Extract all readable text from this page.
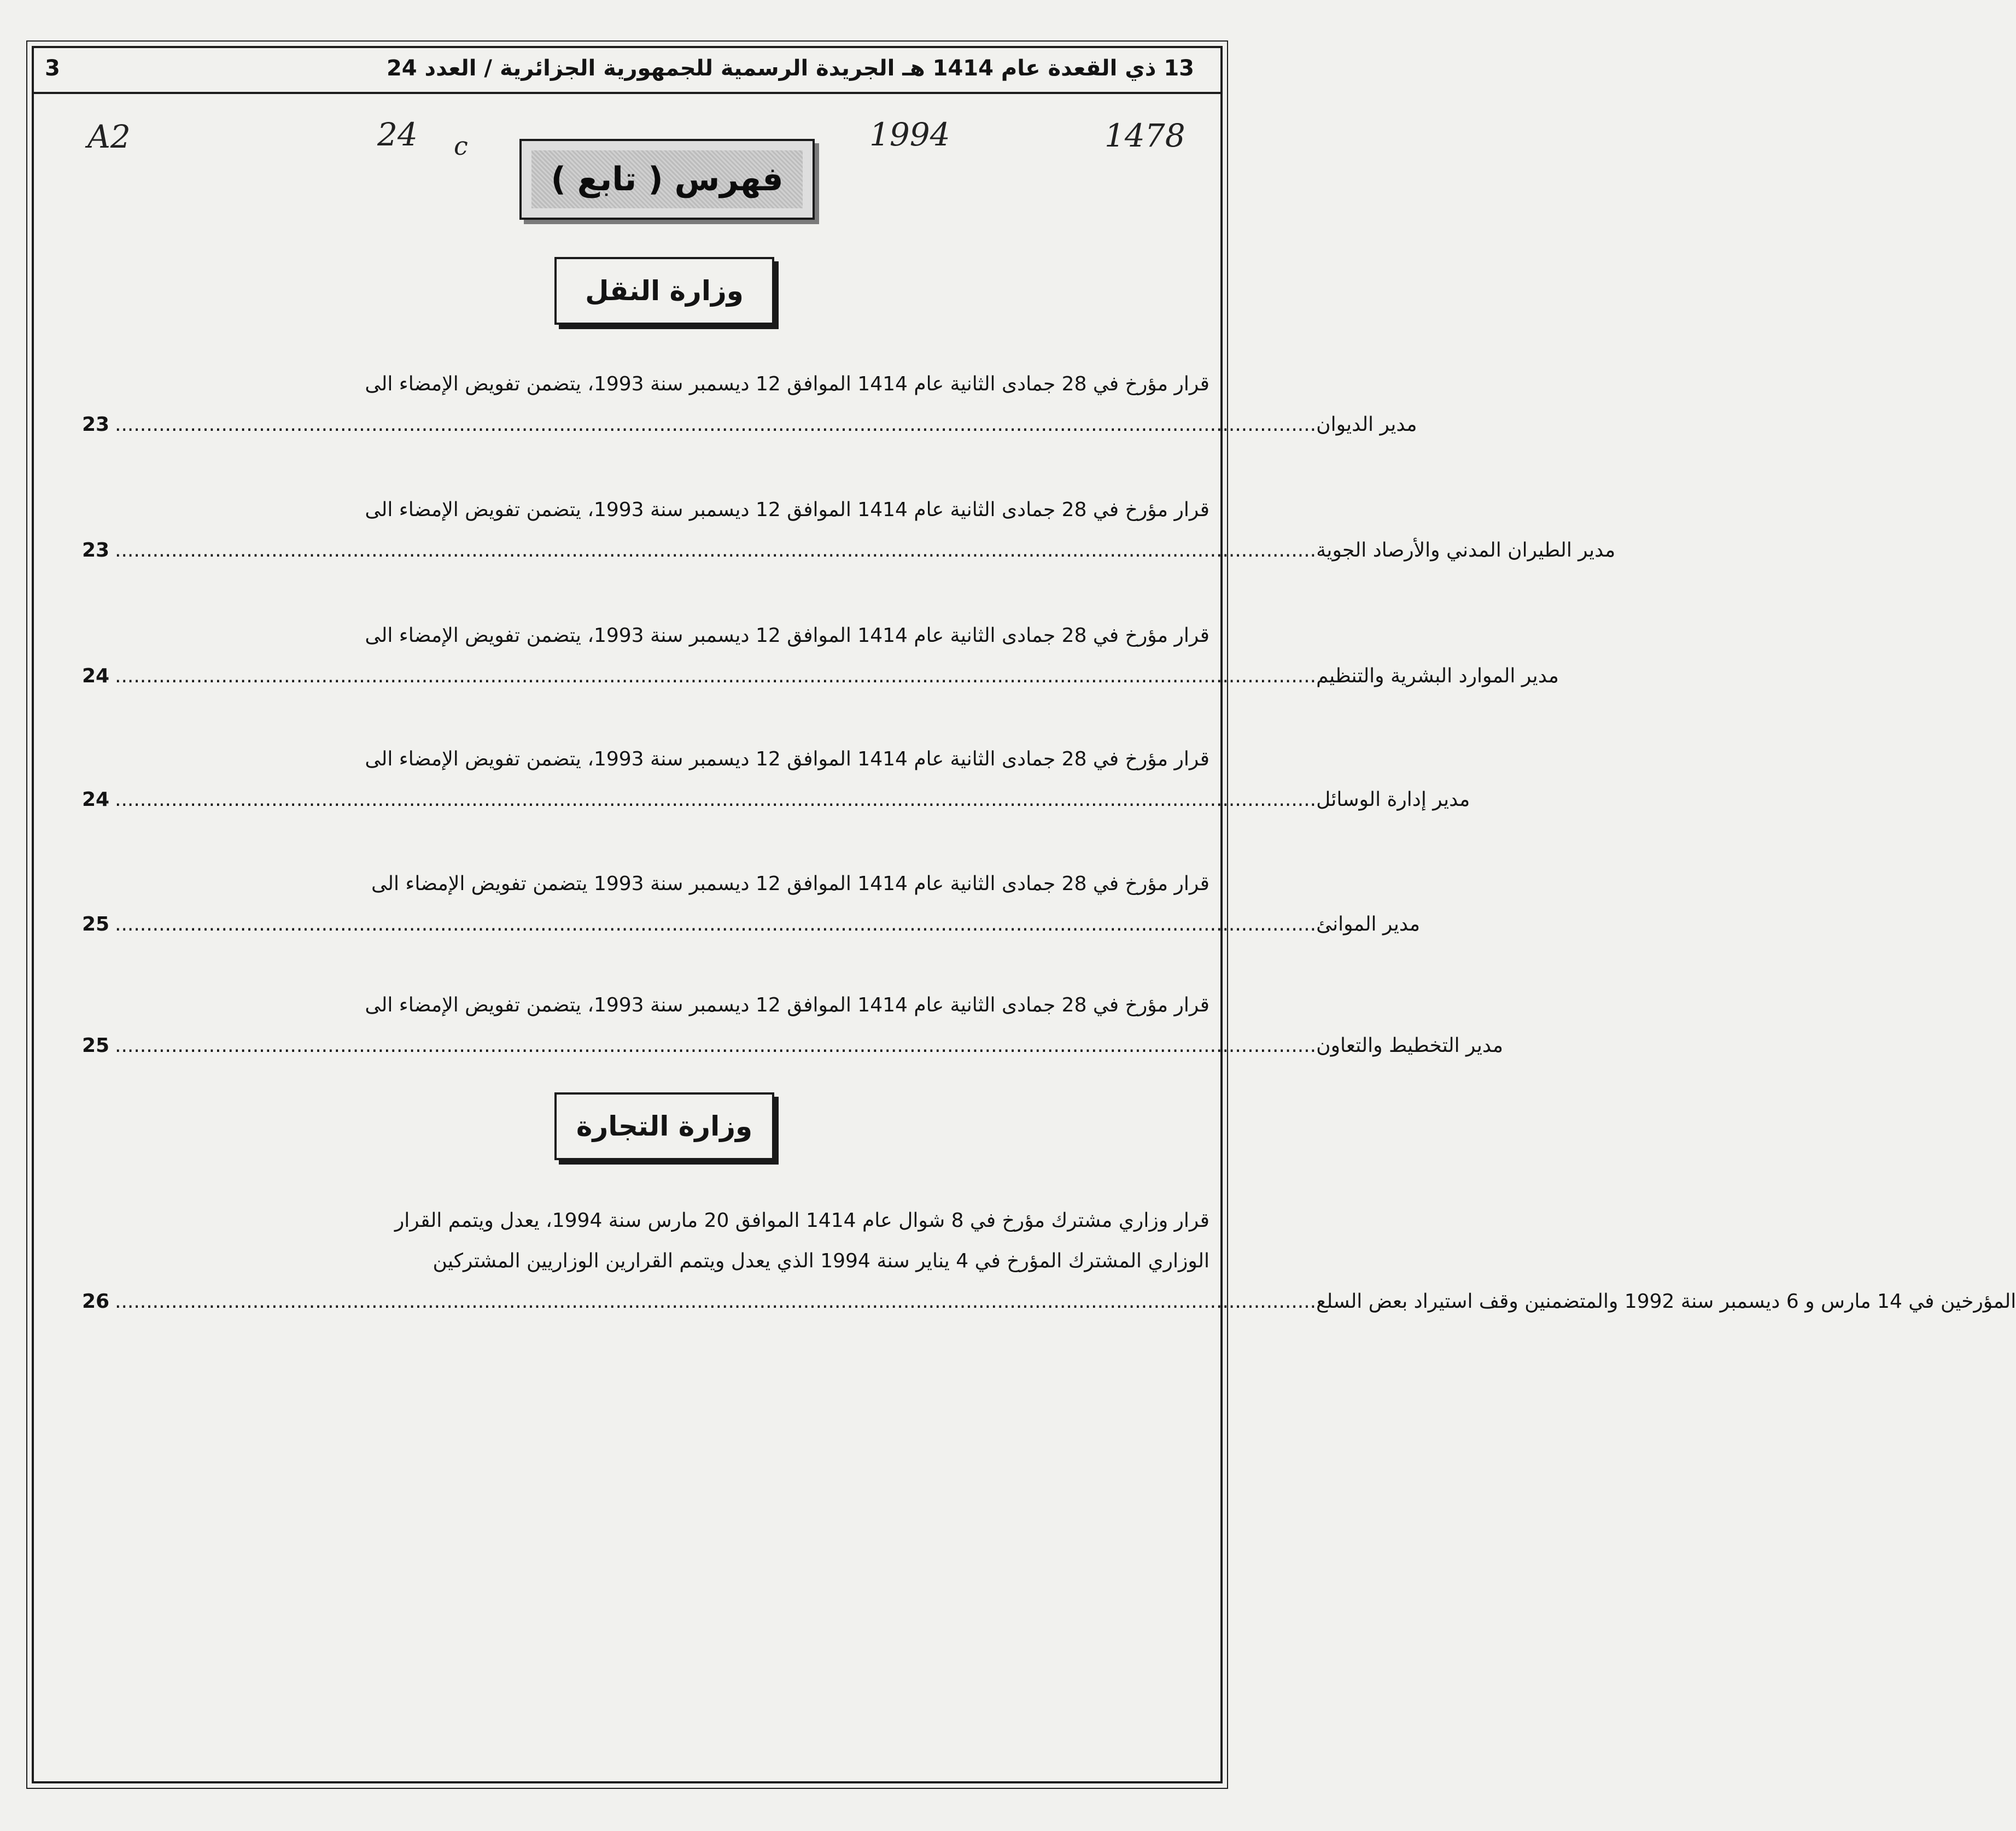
13 ذي القعدة عام 1414 هـ الجريدة الرسمية للجمهورية الجزائرية / العدد 24
3
A2	24 c	1994	1478
فهرس ( تابع )
وزارة النقل
قرار مؤرخ في 28 جمادى الثانية عام 1414 الموافق 12 ديسمبر سنة 1993، يتضمن تفويض الإمضاء الى
23	مدير الديوان................................................................................................................................................................................................
قرار مؤرخ في 28 جمادى الثانية عام 1414 الموافق 12 ديسمبر سنة 1993، يتضمن تفويض الإمضاء الى
23	مدير الطيران المدني والأرصاد الجوية................................................................................................................................................................................................
قرار مؤرخ في 28 جمادى الثانية عام 1414 الموافق 12 ديسمبر سنة 1993، يتضمن تفويض الإمضاء الى
24	مدير الموارد البشرية والتنظيم................................................................................................................................................................................................
قرار مؤرخ في 28 جمادى الثانية عام 1414 الموافق 12 ديسمبر سنة 1993، يتضمن تفويض الإمضاء الى
24	مدير إدارة الوسائل................................................................................................................................................................................................
قرار مؤرخ في 28 جمادى الثانية عام 1414 الموافق 12 ديسمبر سنة 1993 يتضمن تفويض الإمضاء الى
25	مدير الموانئ................................................................................................................................................................................................
قرار مؤرخ في 28 جمادى الثانية عام 1414 الموافق 12 ديسمبر سنة 1993، يتضمن تفويض الإمضاء الى
25	مدير التخطيط والتعاون................................................................................................................................................................................................
وزارة التجارة
قرار وزاري مشترك مؤرخ في 8 شوال عام 1414 الموافق 20 مارس سنة 1994، يعدل ويتمم القرار
الوزاري المشترك المؤرخ في 4 يناير سنة 1994 الذي يعدل ويتمم القرارين الوزاريين المشتركين
26	المؤرخين في 14 مارس و 6 ديسمبر سنة 1992 والمتضمنين وقف استيراد بعض السلع................................................................................................................................................................................................
